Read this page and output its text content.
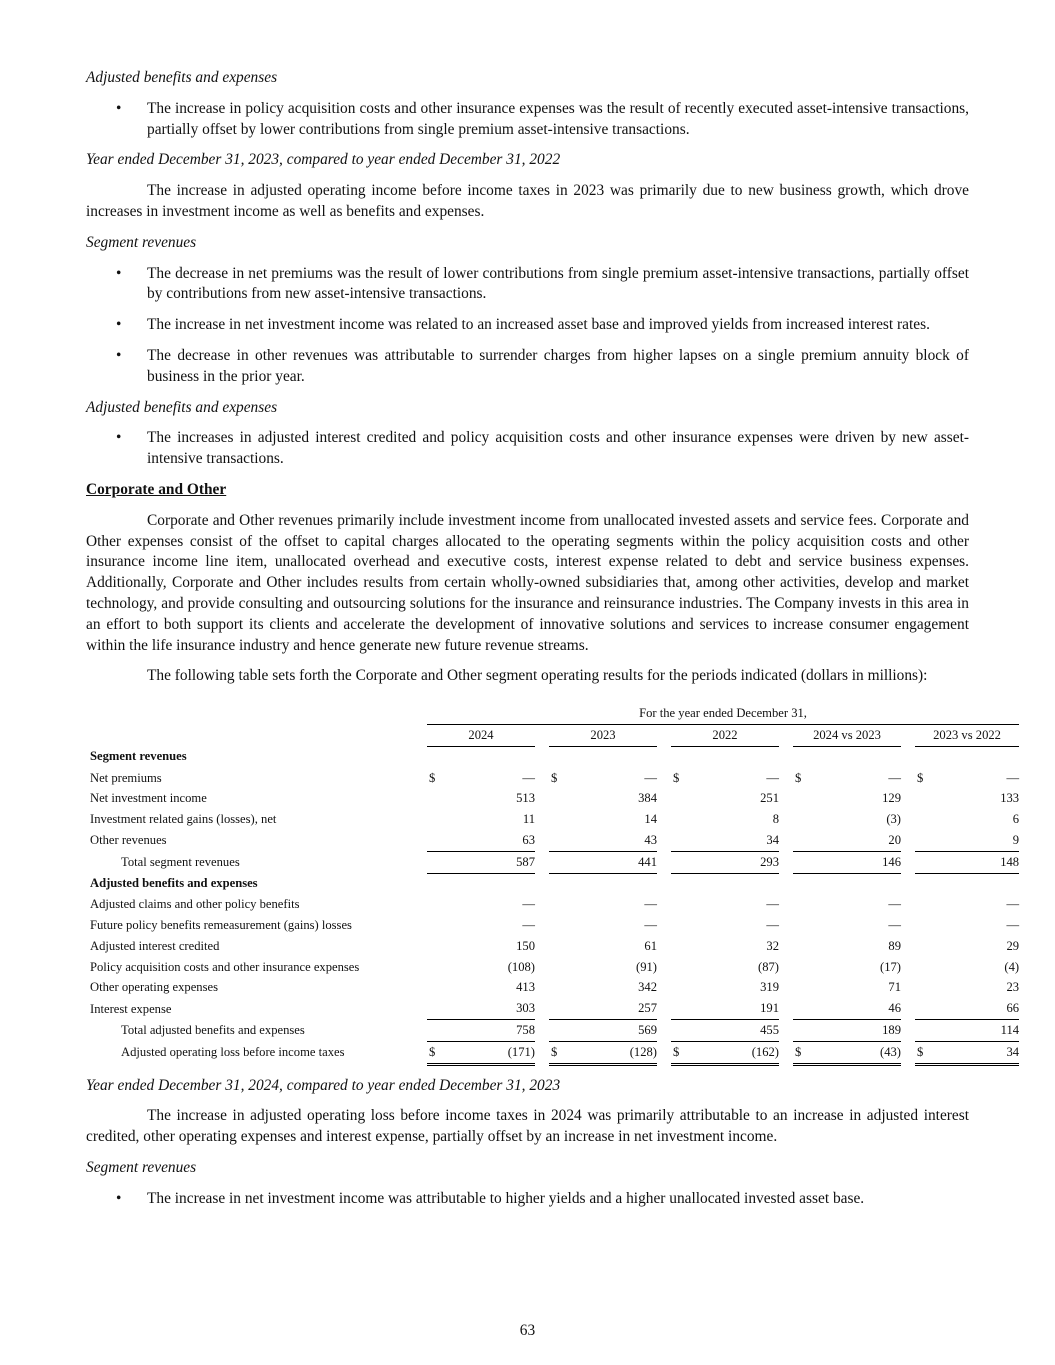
Adjusted benefits and expenses

• The increase in policy acquisition costs and other insurance expenses was the result of recently executed asset-intensive transactions, partially offset by lower contributions from single premium asset-intensive transactions.

Year ended December 31, 2023, compared to year ended December 31, 2022

The increase in adjusted operating income before income taxes in 2023 was primarily due to new business growth, which drove increases in investment income as well as benefits and expenses.

Segment revenues

• The decrease in net premiums was the result of lower contributions from single premium asset-intensive transactions, partially offset by contributions from new asset-intensive transactions.
• The increase in net investment income was related to an increased asset base and improved yields from increased interest rates.
• The decrease in other revenues was attributable to surrender charges from higher lapses on a single premium annuity block of business in the prior year.

Adjusted benefits and expenses

• The increases in adjusted interest credited and policy acquisition costs and other insurance expenses were driven by new asset-intensive transactions.

Corporate and Other

Corporate and Other revenues primarily include investment income from unallocated invested assets and service fees. Corporate and Other expenses consist of the offset to capital charges allocated to the operating segments within the policy acquisition costs and other insurance income line item, unallocated overhead and executive costs, interest expense related to debt and service business expenses. Additionally, Corporate and Other includes results from certain wholly-owned subsidiaries that, among other activities, develop and market technology, and provide consulting and outsourcing solutions for the insurance and reinsurance industries. The Company invests in this area in an effort to both support its clients and accelerate the development of innovative solutions and services to increase consumer engagement within the life insurance industry and hence generate new future revenue streams.

The following table sets forth the Corporate and Other segment operating results for the periods indicated (dollars in millions):

	For the year ended December 31,													
	2024			2023			2022			2024 vs 2023			2023 vs 2022	
Segment revenues														
Net premiums	$	—		$	—		$	—		$	—		$	—
Net investment income		513			384			251			129			133
Investment related gains (losses), net		11			14			8			(3)			6
Other revenues		63			43			34			20			9
Total segment revenues		587			441			293			146			148
Adjusted benefits and expenses														
Adjusted claims and other policy benefits		—			—			—			—			—
Future policy benefits remeasurement (gains) losses		—			—			—			—			—
Adjusted interest credited		150			61			32			89			29
Policy acquisition costs and other insurance expenses		(108)			(91)			(87)			(17)			(4)
Other operating expenses		413			342			319			71			23
Interest expense		303			257			191			46			66
Total adjusted benefits and expenses		758			569			455			189			114
Adjusted operating loss before income taxes	$	(171)		$	(128)		$	(162)		$	(43)		$	34

Year ended December 31, 2024, compared to year ended December 31, 2023

The increase in adjusted operating loss before income taxes in 2024 was primarily attributable to an increase in adjusted interest credited, other operating expenses and interest expense, partially offset by an increase in net investment income.

Segment revenues

• The increase in net investment income was attributable to higher yields and a higher unallocated invested asset base.
63
